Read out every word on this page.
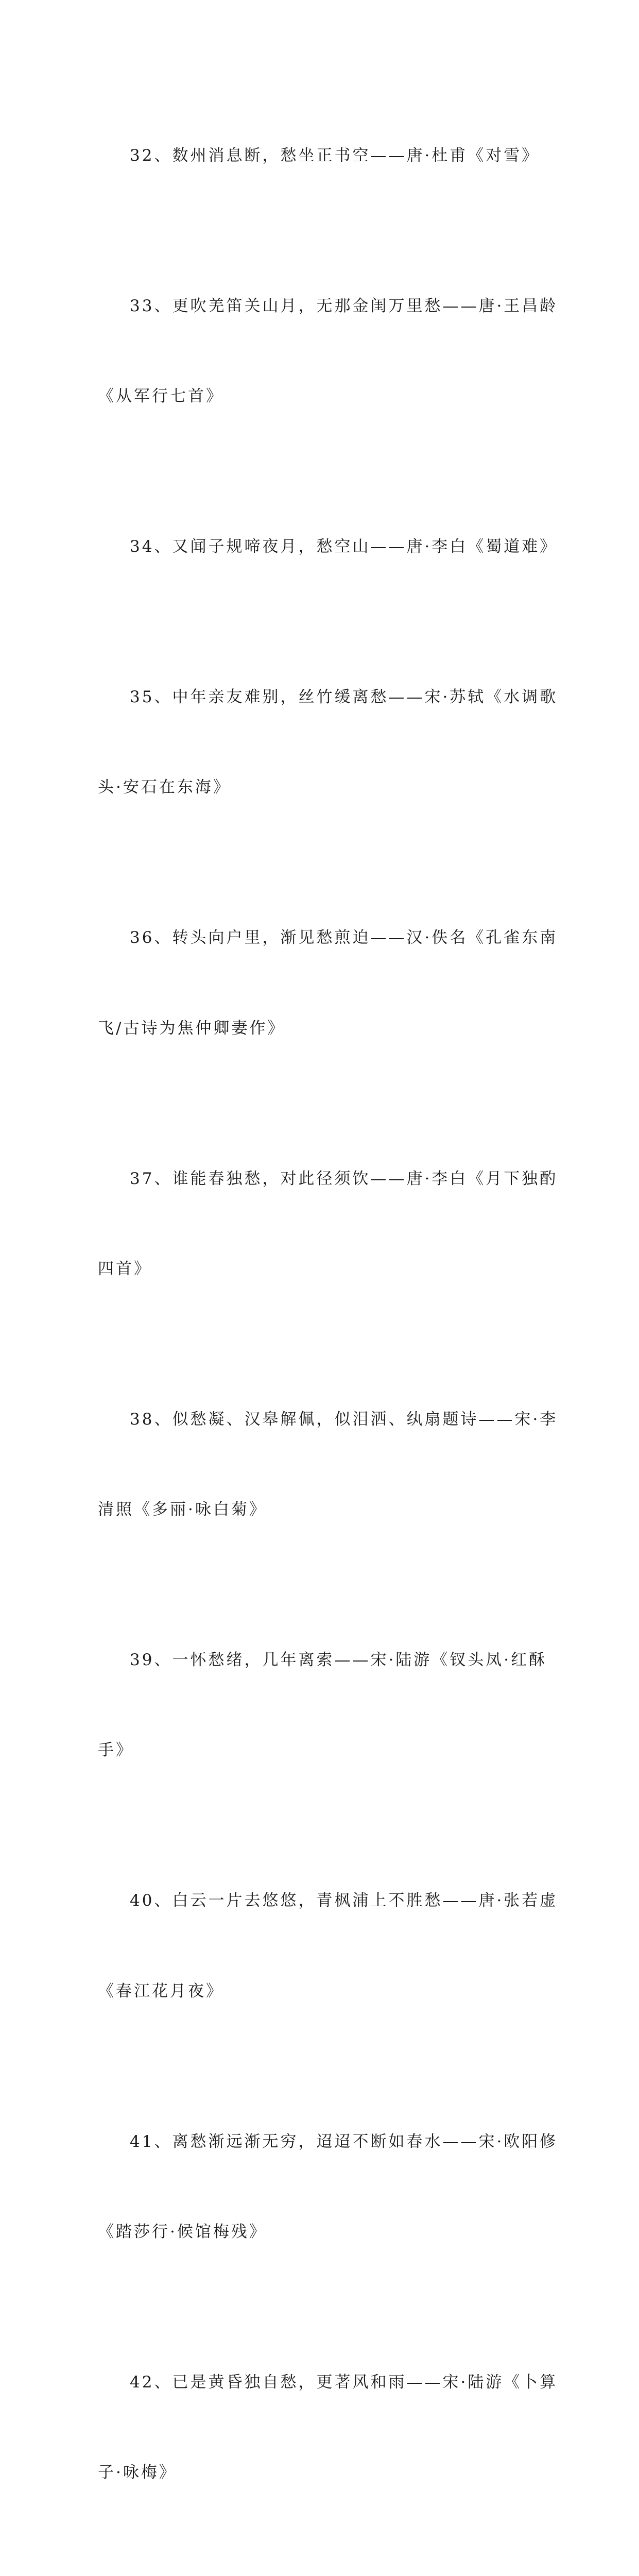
32、数州消息断，愁坐正书空——唐·杜甫《对雪》

33、更吹羌笛关山月，无那金闺万里愁——唐·王昌龄

《从军行七首》

34、又闻子规啼夜月，愁空山——唐·李白《蜀道难》

35、中年亲友难别，丝竹缓离愁——宋·苏轼《水调歌

头·安石在东海》

36、转头向户里，渐见愁煎迫——汉·佚名《孔雀东南

飞/古诗为焦仲卿妻作》

37、谁能春独愁，对此径须饮——唐·李白《月下独酌

四首》

38、似愁凝、汉皋解佩，似泪洒、纨扇题诗——宋·李

清照《多丽·咏白菊》

39、一怀愁绪，几年离索——宋·陆游《钗头凤·红酥

手》

40、白云一片去悠悠，青枫浦上不胜愁——唐·张若虚

《春江花月夜》

41、离愁渐远渐无穷，迢迢不断如春水——宋·欧阳修

《踏莎行·候馆梅残》

42、已是黄昏独自愁，更著风和雨——宋·陆游《卜算

子·咏梅》
